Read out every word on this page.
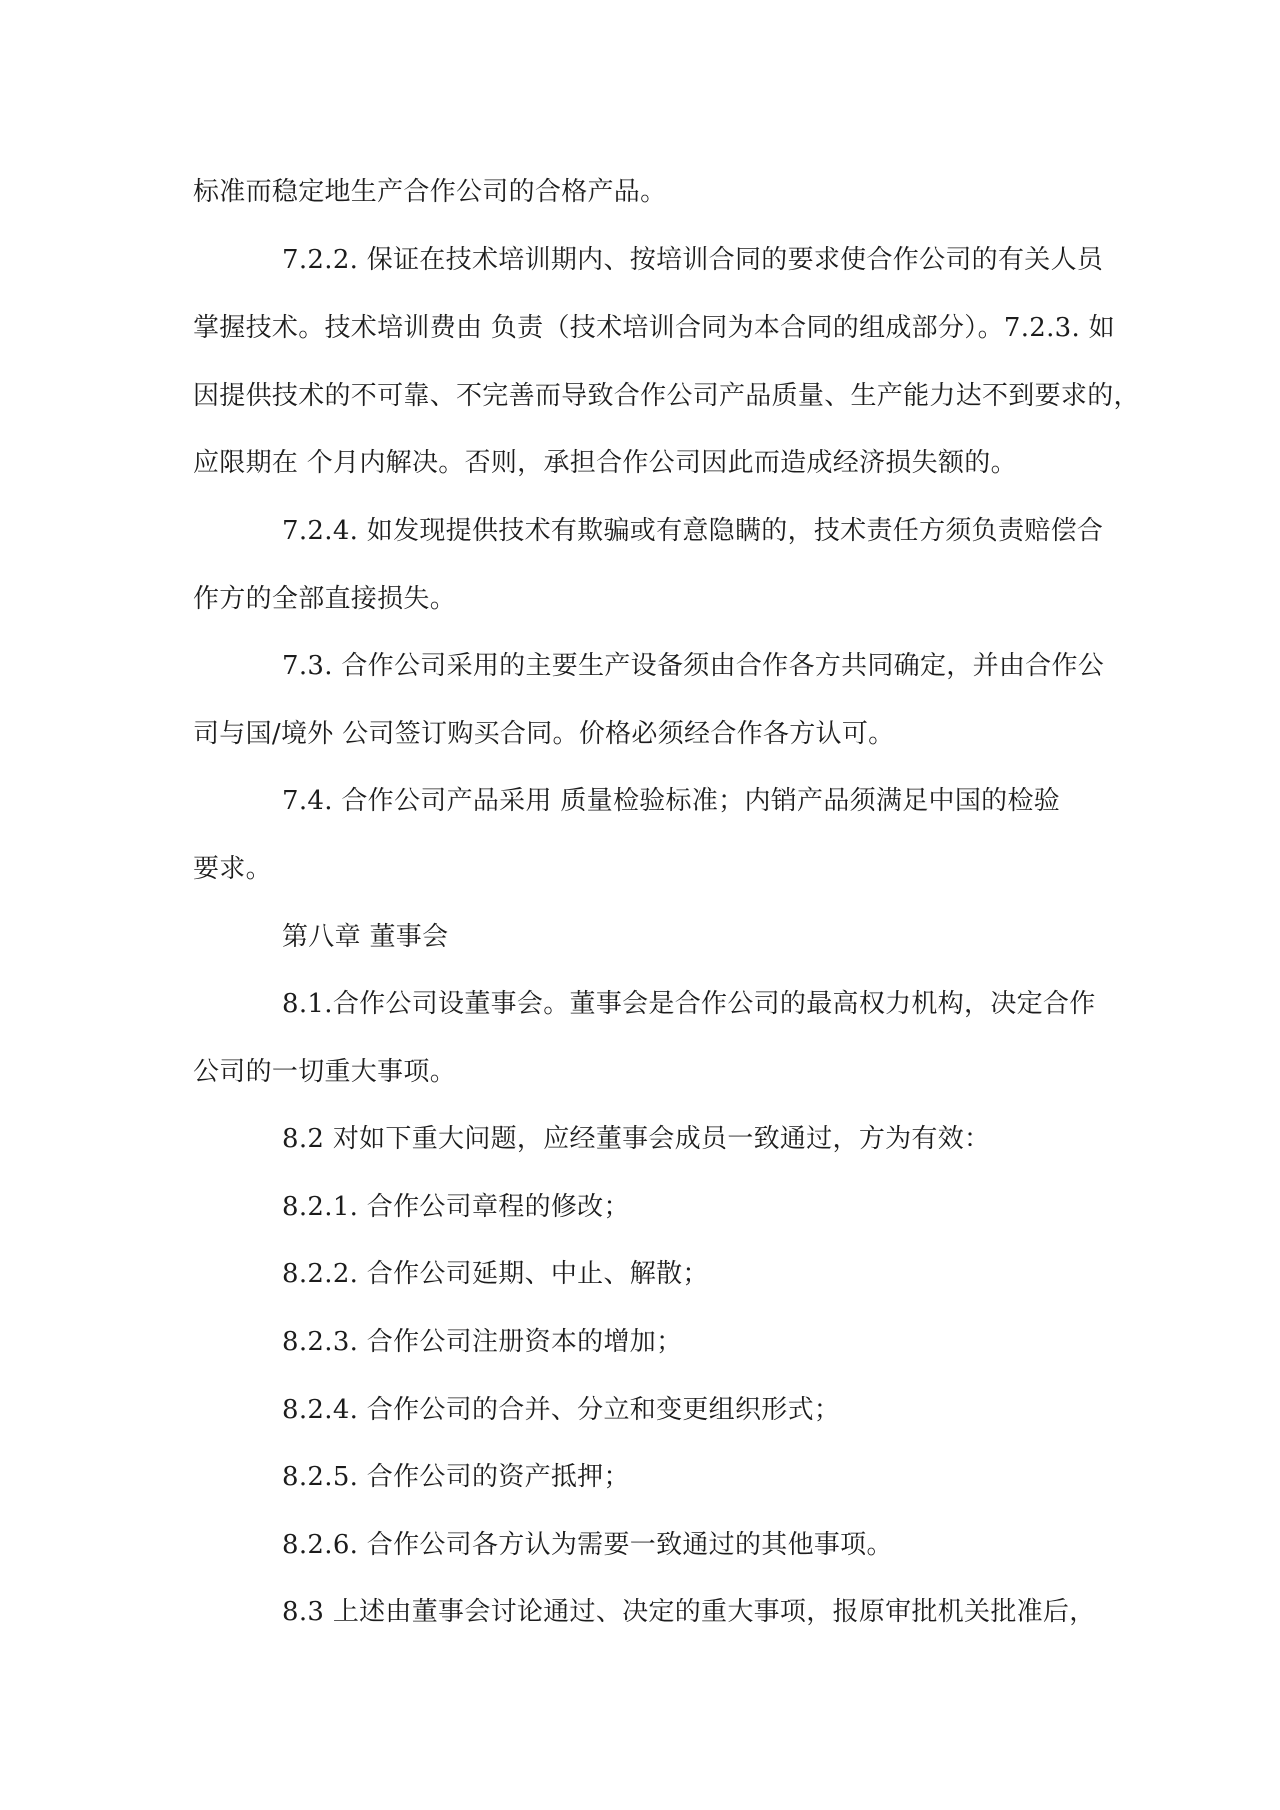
标准而稳定地生产合作公司的合格产品。
7.2.2. 保证在技术培训期内、按培训合同的要求使合作公司的有关人员
掌握技术。技术培训费由 负责（技术培训合同为本合同的组成部分）。7.2.3. 如
因提供技术的不可靠、不完善而导致合作公司产品质量、生产能力达不到要求的，
应限期在 个月内解决。否则，承担合作公司因此而造成经济损失额的。
7.2.4. 如发现提供技术有欺骗或有意隐瞒的，技术责任方须负责赔偿合
作方的全部直接损失。
7.3. 合作公司采用的主要生产设备须由合作各方共同确定，并由合作公
司与国/境外 公司签订购买合同。价格必须经合作各方认可。
7.4. 合作公司产品采用 质量检验标准；内销产品须满足中国的检验
要求。
第八章 董事会
8.1.合作公司设董事会。董事会是合作公司的最高权力机构，决定合作
公司的一切重大事项。
8.2 对如下重大问题，应经董事会成员一致通过，方为有效：
8.2.1. 合作公司章程的修改；
8.2.2. 合作公司延期、中止、解散；
8.2.3. 合作公司注册资本的增加；
8.2.4. 合作公司的合并、分立和变更组织形式；
8.2.5. 合作公司的资产抵押；
8.2.6. 合作公司各方认为需要一致通过的其他事项。
8.3 上述由董事会讨论通过、决定的重大事项，报原审批机关批准后，
